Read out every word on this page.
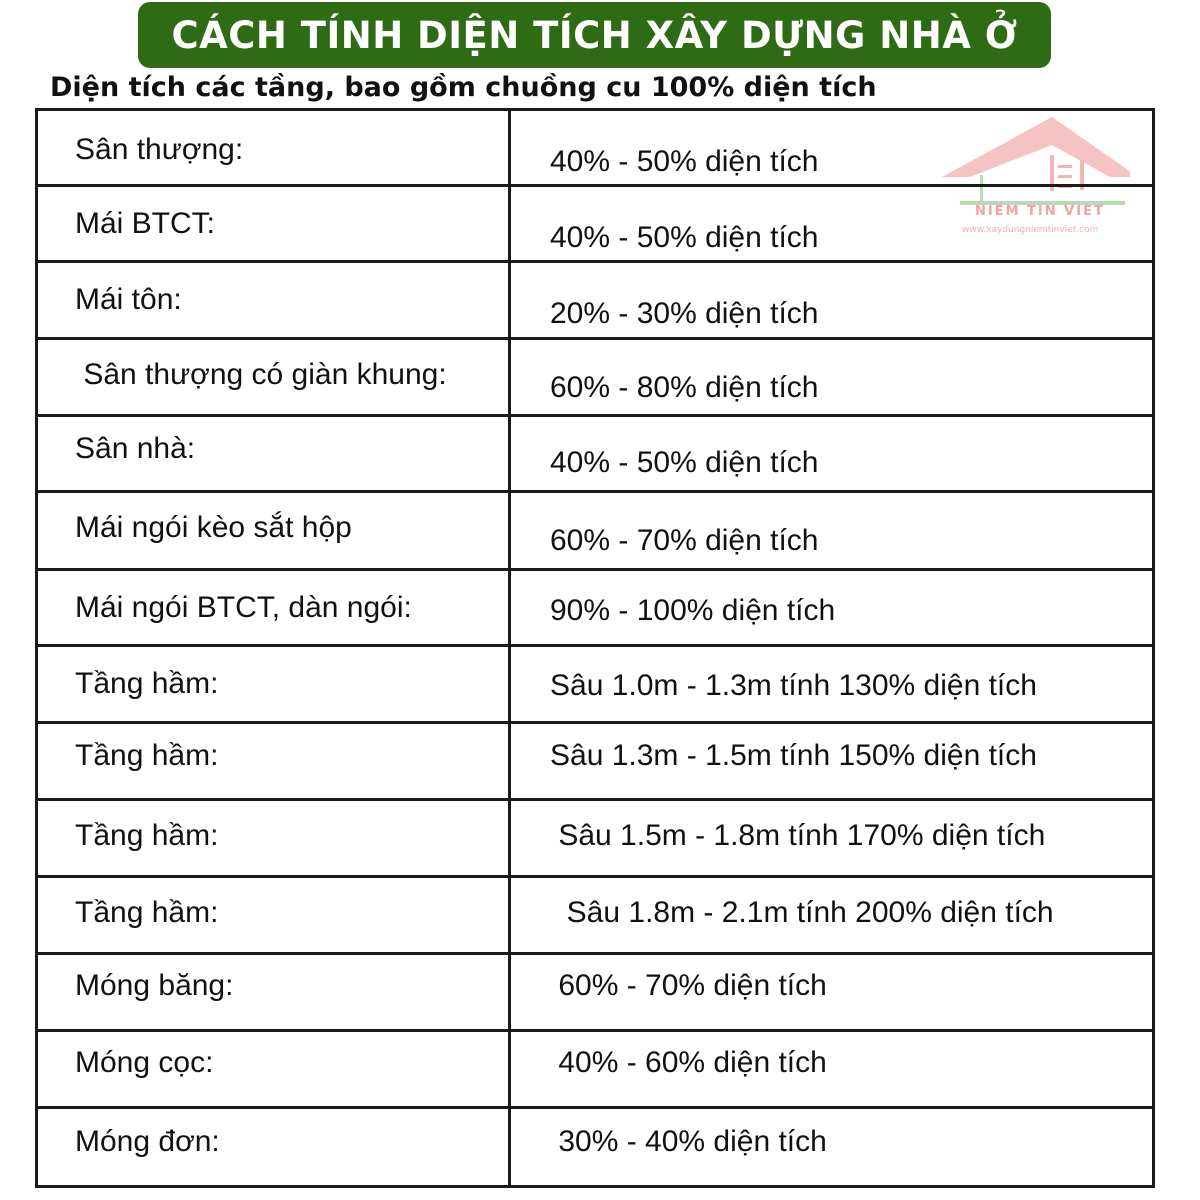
CÁCH TÍNH DIỆN TÍCH XÂY DỰNG NHÀ Ở
Diện tích các tầng, bao gồm chuồng cu 100% diện tích
NIEM TIN VIET
www.xaydungniemtinviet.com
Sân thượng:	40% - 50% diện tích
Mái BTCT:	40% - 50% diện tích
Mái tôn:	20% - 30% diện tích
Sân thượng có giàn khung:	60% - 80% diện tích
Sân nhà:	40% - 50% diện tích
Mái ngói kèo sắt hộp	60% - 70% diện tích
Mái ngói BTCT, dàn ngói:	90% - 100% diện tích
Tầng hầm:	Sâu 1.0m - 1.3m tính 130% diện tích
Tầng hầm:	Sâu 1.3m - 1.5m tính 150% diện tích
Tầng hầm:	Sâu 1.5m - 1.8m tính 170% diện tích
Tầng hầm:	Sâu 1.8m - 2.1m tính 200% diện tích
Móng băng:	60% - 70% diện tích
Móng cọc:	40% - 60% diện tích
Móng đơn:	30% - 40% diện tích
